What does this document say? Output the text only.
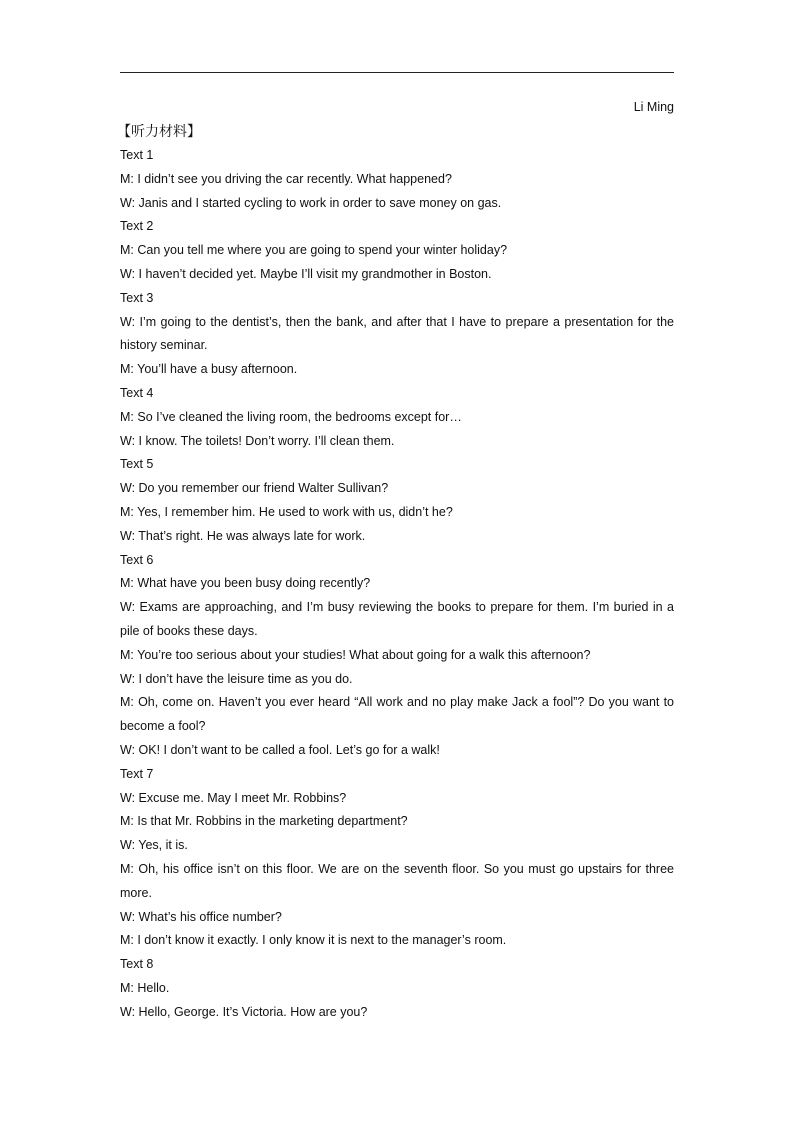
Li Ming
【听力材料】

Text 1

M: I didn’t see you driving the car recently. What happened?

W: Janis and I started cycling to work in order to save money on gas.

Text 2

M: Can you tell me where you are going to spend your winter holiday?

W: I haven’t decided yet. Maybe I’ll visit my grandmother in Boston.

Text 3

W: I’m going to the dentist’s, then the bank, and after that I have to prepare a presentation for the history seminar.

M: You’ll have a busy afternoon.

Text 4

M: So I’ve cleaned the living room, the bedrooms except for…

W: I know. The toilets! Don’t worry. I’ll clean them.

Text 5

W: Do you remember our friend Walter Sullivan?

M: Yes, I remember him. He used to work with us, didn’t he?

W: That’s right. He was always late for work.

Text 6

M: What have you been busy doing recently?

W: Exams are approaching, and I’m busy reviewing the books to prepare for them. I’m buried in a pile of books these days.

M: You’re too serious about your studies! What about going for a walk this afternoon?

W: I don’t have the leisure time as you do.

M: Oh, come on. Haven’t you ever heard “All work and no play make Jack a fool”? Do you want to become a fool?

W: OK! I don’t want to be called a fool. Let’s go for a walk!

Text 7

W: Excuse me. May I meet Mr. Robbins?

M: Is that Mr. Robbins in the marketing department?

W: Yes, it is.

M: Oh, his office isn’t on this floor. We are on the seventh floor. So you must go upstairs for three more.

W: What’s his office number?

M: I don’t know it exactly. I only know it is next to the manager’s room.

Text 8

M: Hello.

W: Hello, George. It’s Victoria. How are you?
